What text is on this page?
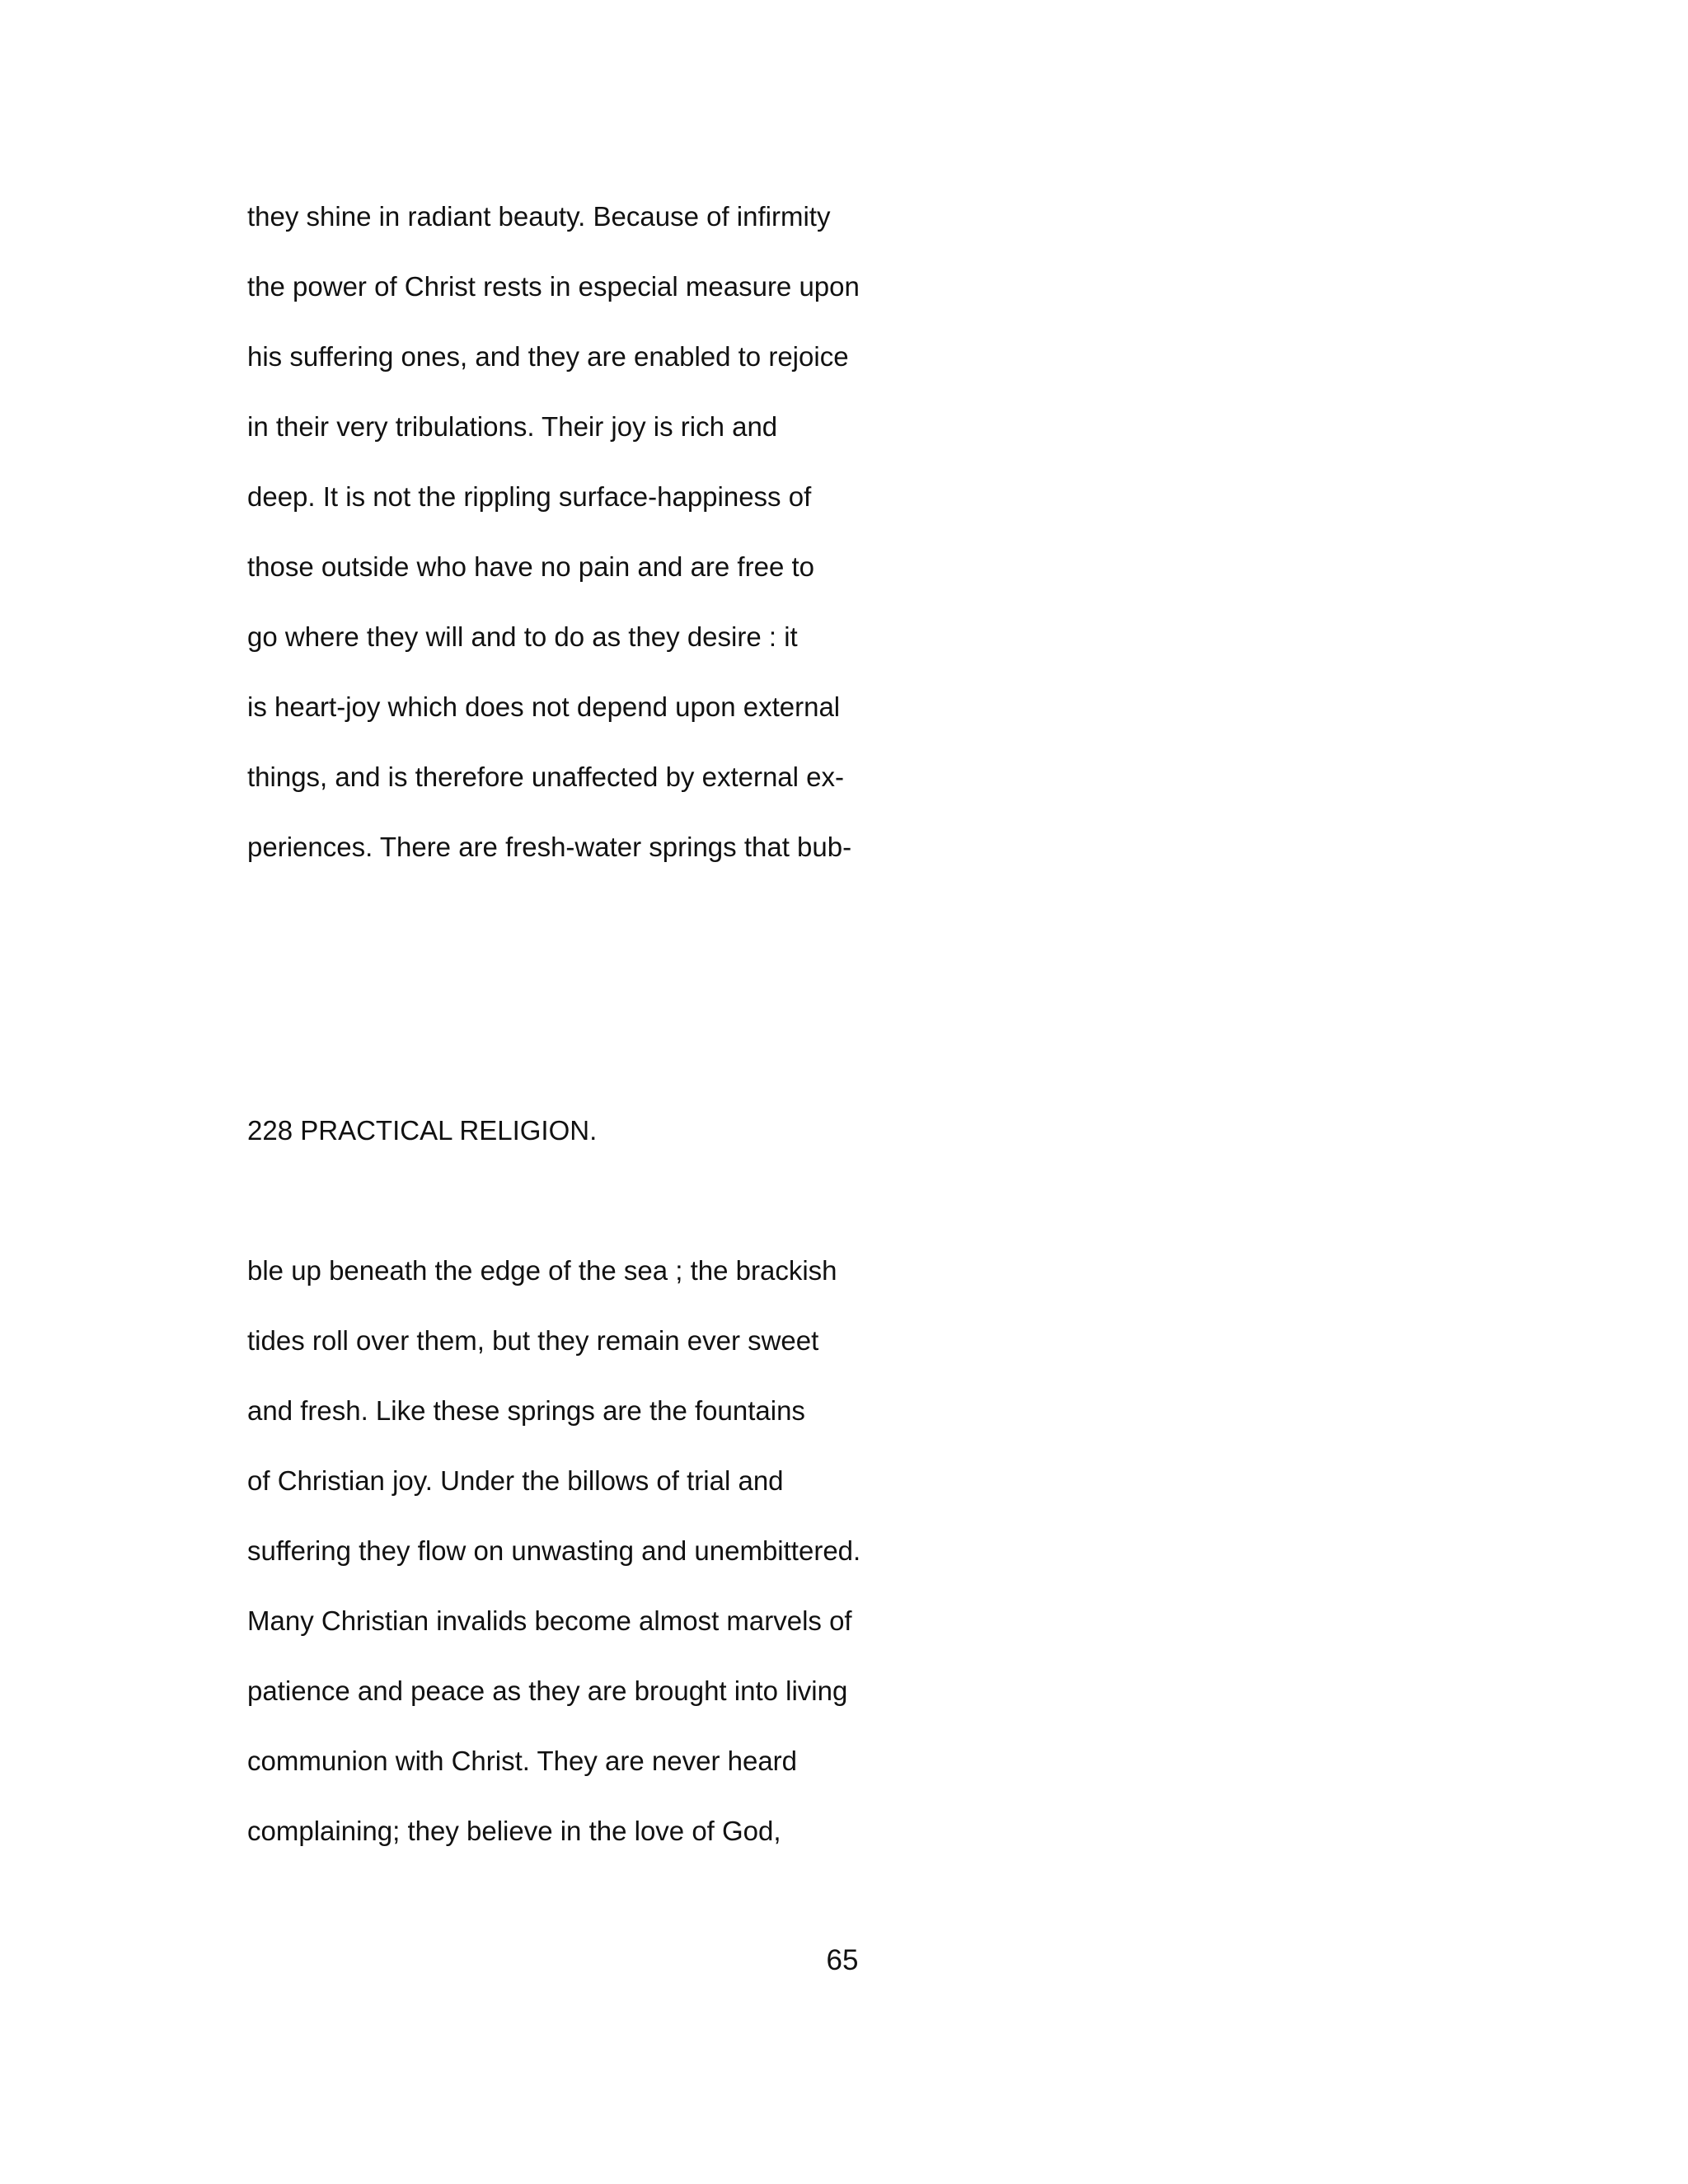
they shine in radiant beauty. Because of infirmity
the power of Christ rests in especial measure upon
his suffering ones, and they are enabled to rejoice
in their very tribulations. Their joy is rich and
deep. It is not the rippling surface-happiness of
those outside who have no pain and are free to
go where they will and to do as they desire : it
is heart-joy which does not depend upon external
things, and is therefore unaffected by external ex-
periences. There are fresh-water springs that bub-
228 PRACTICAL RELIGION.
ble up beneath the edge of the sea ; the brackish
tides roll over them, but they remain ever sweet
and fresh. Like these springs are the fountains
of Christian joy. Under the billows of trial and
suffering they flow on unwasting and unembittered.
Many Christian invalids become almost marvels of
patience and peace as they are brought into living
communion with Christ. They are never heard
complaining; they believe in the love of God,
65
